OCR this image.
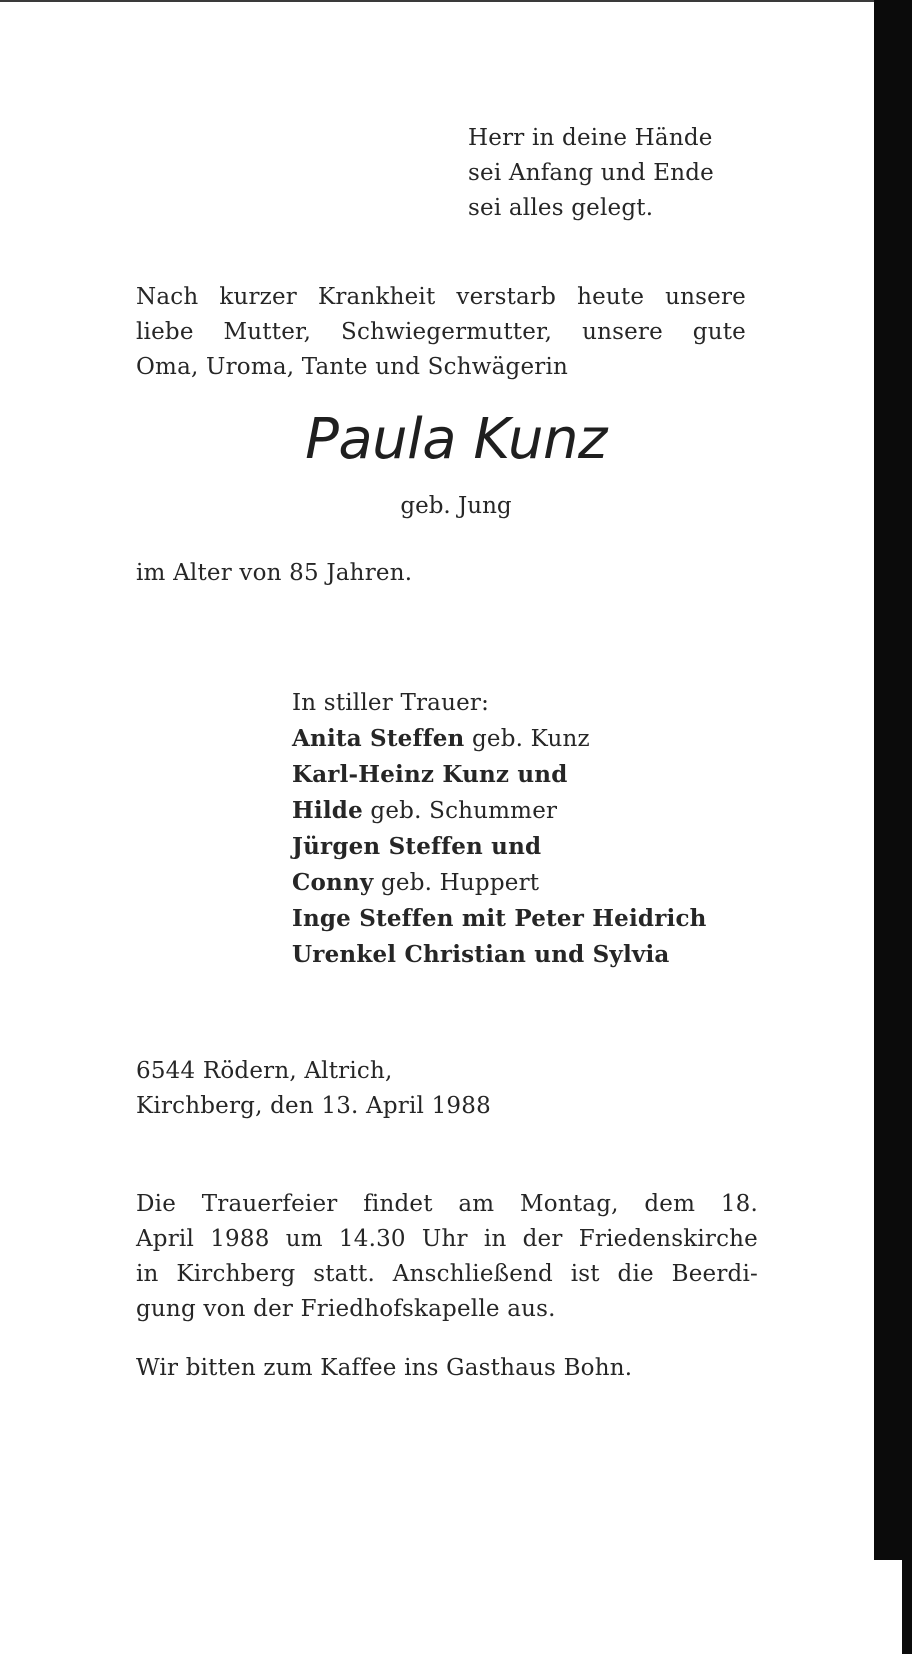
Herr in deine Hände
sei Anfang und Ende
sei alles gelegt.
Nach kurzer Krankheit verstarb heute unsere
liebe Mutter, Schwiegermutter, unsere gute
Oma, Uroma, Tante und Schwägerin
Paula Kunz
geb. Jung
im Alter von 85 Jahren.
In stiller Trauer:
Anita Steffen geb. Kunz
Karl-Heinz Kunz und
Hilde geb. Schummer
Jürgen Steffen und
Conny geb. Huppert
Inge Steffen mit Peter Heidrich
Urenkel Christian und Sylvia
6544 Rödern, Altrich,
Kirchberg, den 13. April 1988
Die Trauerfeier findet am Montag, dem 18.
April 1988 um 14.30 Uhr in der Friedenskirche
in Kirchberg statt. Anschließend ist die Beerdi-
gung von der Friedhofskapelle aus.
Wir bitten zum Kaffee ins Gasthaus Bohn.
